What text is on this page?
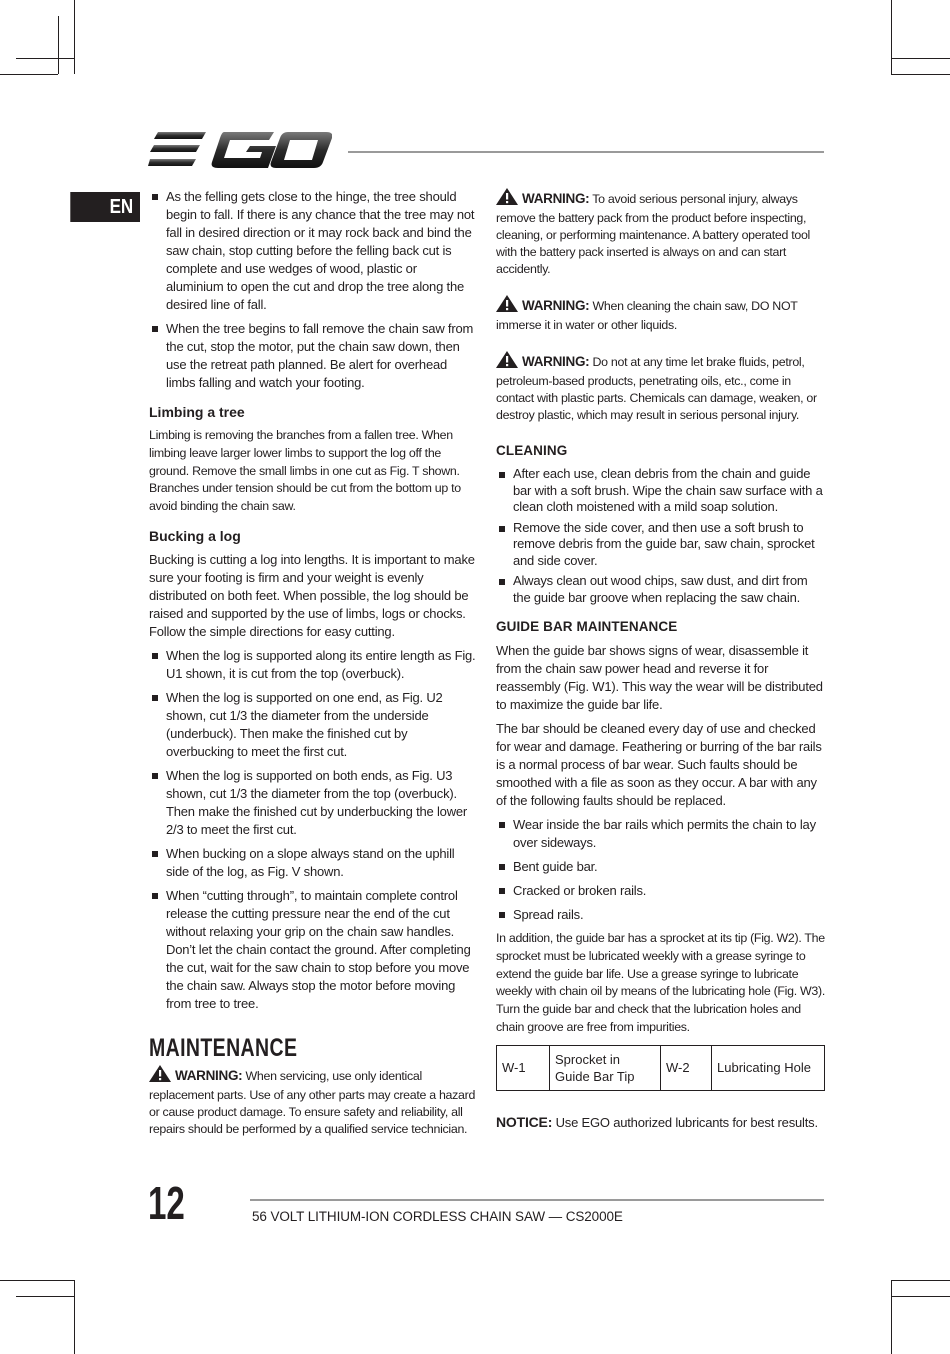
EN	As the felling gets close to the hinge, the tree should begin to fall. If there is any chance that the tree may not fall in desired direction or it may rock back and bind the saw chain, stop cutting before the felling back cut is complete and use wedges of wood, plastic or aluminium to open the cut and drop the tree along the desired line of fall.
When the tree begins to fall remove the chain saw from the cut, stop the motor, put the chain saw down, then use the retreat path planned. Be alert for overhead limbs falling and watch your footing.
Limbing a tree

Limbing is removing the branches from a fallen tree. When limbing leave larger lower limbs to support the log off the ground. Remove the small limbs in one cut as Fig. T shown. Branches under tension should be cut from the bottom up to avoid binding the chain saw.

Bucking a log

Bucking is cutting a log into lengths. It is important to make sure your footing is firm and your weight is evenly distributed on both feet. When possible, the log should be raised and supported by the use of limbs, logs or chocks. Follow the simple directions for easy cutting.

When the log is supported along its entire length as Fig. U1 shown, it is cut from the top (overbuck).
When the log is supported on one end, as Fig. U2 shown, cut 1/3 the diameter from the underside (underbuck). Then make the finished cut by overbucking to meet the first cut.
When the log is supported on both ends, as Fig. U3 shown, cut 1/3 the diameter from the top (overbuck). Then make the finished cut by underbucking the lower 2/3 to meet the first cut.
When bucking on a slope always stand on the uphill side of the log, as Fig. V shown.
When “cutting through”, to maintain complete control release the cutting pressure near the end of the cut without relaxing your grip on the chain saw handles. Don’t let the chain contact the ground. After completing the cut, wait for the saw chain to stop before you move the chain saw. Always stop the motor before moving from tree to tree.
MAINTENANCE

WARNING: When servicing, use only identical replacement parts. Use of any other parts may create a hazard or cause product damage. To ensure safety and reliability, all repairs should be performed by a qualified service technician.

WARNING: To avoid serious personal injury, always remove the battery pack from the product before inspecting, cleaning, or performing maintenance. A battery operated tool with the battery pack inserted is always on and can start accidently.

WARNING: When cleaning the chain saw, DO NOT immerse it in water or other liquids.

WARNING: Do not at any time let brake fluids, petrol, petroleum-based products, penetrating oils, etc., come in contact with plastic parts. Chemicals can damage, weaken, or destroy plastic, which may result in serious personal injury.

CLEANING
After each use, clean debris from the chain and guide bar with a soft brush. Wipe the chain saw surface with a clean cloth moistened with a mild soap solution.
Remove the side cover, and then use a soft brush to remove debris from the guide bar, saw chain, sprocket and side cover.
Always clean out wood chips, saw dust, and dirt from the guide bar groove when replacing the saw chain.
GUIDE BAR MAINTENANCE

When the guide bar shows signs of wear, disassemble it from the chain saw power head and reverse it for reassembly (Fig. W1). This way the wear will be distributed to maximize the guide bar life.

The bar should be cleaned every day of use and checked for wear and damage. Feathering or burring of the bar rails is a normal process of bar wear. Such faults should be smoothed with a file as soon as they occur. A bar with any of the following faults should be replaced.

Wear inside the bar rails which permits the chain to lay over sideways.
Bent guide bar.
Cracked or broken rails.
Spread rails.

In addition, the guide bar has a sprocket at its tip (Fig. W2). The sprocket must be lubricated weekly with a grease syringe to extend the guide bar life. Use a grease syringe to lubricate weekly with chain oil by means of the lubricating hole (Fig. W3). Turn the guide bar and check that the lubrication holes and chain groove are free from impurities.

W-1	Sprocket in Guide Bar Tip	W-2	Lubricating Hole

NOTICE: Use EGO authorized lubricants for best results.

12	56 VOLT LITHIUM-ION CORDLESS CHAIN SAW — CS2000E
